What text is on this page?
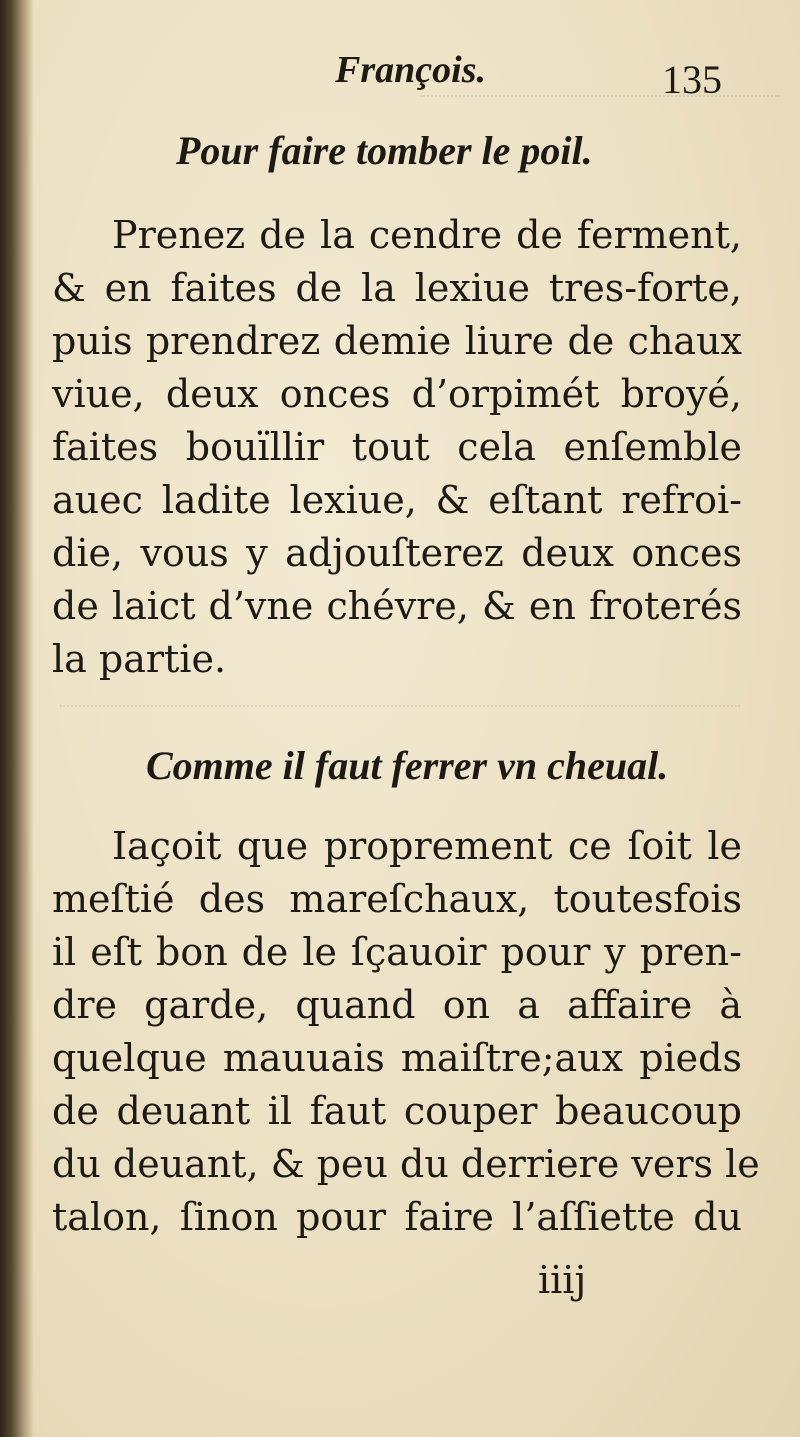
François.	135
Pour faire tomber le poil.
Prenez de la cendre de ferment,
& en faites de la lexiue tres-forte,
puis prendrez demie liure de chaux
viue, deux onces d’orpimét broyé,
faites bouïllir tout cela enſemble
auec ladite lexiue, & eſtant refroi-
die, vous y adjouſterez deux onces
de laict d’vne chévre, & en froterés
la partie.
Comme il faut ferrer vn cheual.
Iaçoit que proprement ce ſoit le
meſtié des mareſchaux, toutesfois
il eſt bon de le ſçauoir pour y pren-
dre garde, quand on a affaire à
quelque mauuais maiſtre;aux pieds
de deuant il faut couper beaucoup
du deuant, & peu du derriere vers le
talon, ſinon pour faire l’aſſiette du
iiij
